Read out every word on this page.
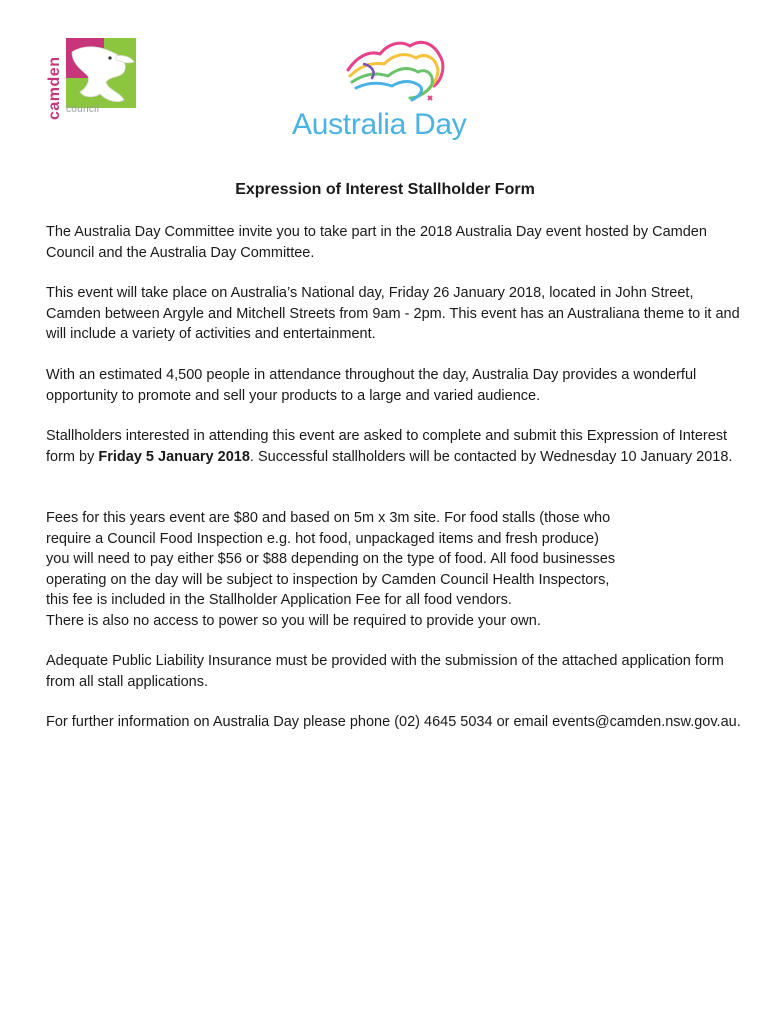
camden council	Australia Day
Expression of Interest Stallholder Form
The Australia Day Committee invite you to take part in the 2018 Australia Day event hosted by Camden Council and the Australia Day Committee.
This event will take place on Australia’s National day, Friday 26 January 2018, located in John Street, Camden between Argyle and Mitchell Streets from 9am - 2pm. This event has an Australiana theme to it and will include a variety of activities and entertainment.
With an estimated 4,500 people in attendance throughout the day, Australia Day provides a wonderful opportunity to promote and sell your products to a large and varied audience.
Stallholders interested in attending this event are asked to complete and submit this Expression of Interest form by Friday 5 January 2018. Successful stallholders will be contacted by Wednesday 10 January 2018.
Fees for this years event are $80 and based on 5m x 3m site. For food stalls (those who
require a Council Food Inspection e.g. hot food, unpackaged items and fresh produce)
you will need to pay either $56 or $88 depending on the type of food. All food businesses
operating on the day will be subject to inspection by Camden Council Health Inspectors,
this fee is included in the Stallholder Application Fee for all food vendors.
There is also no access to power so you will be required to provide your own.
Adequate Public Liability Insurance must be provided with the submission of the attached application form from all stall applications.
For further information on Australia Day please phone (02) 4645 5034 or email events@camden.nsw.gov.au.
